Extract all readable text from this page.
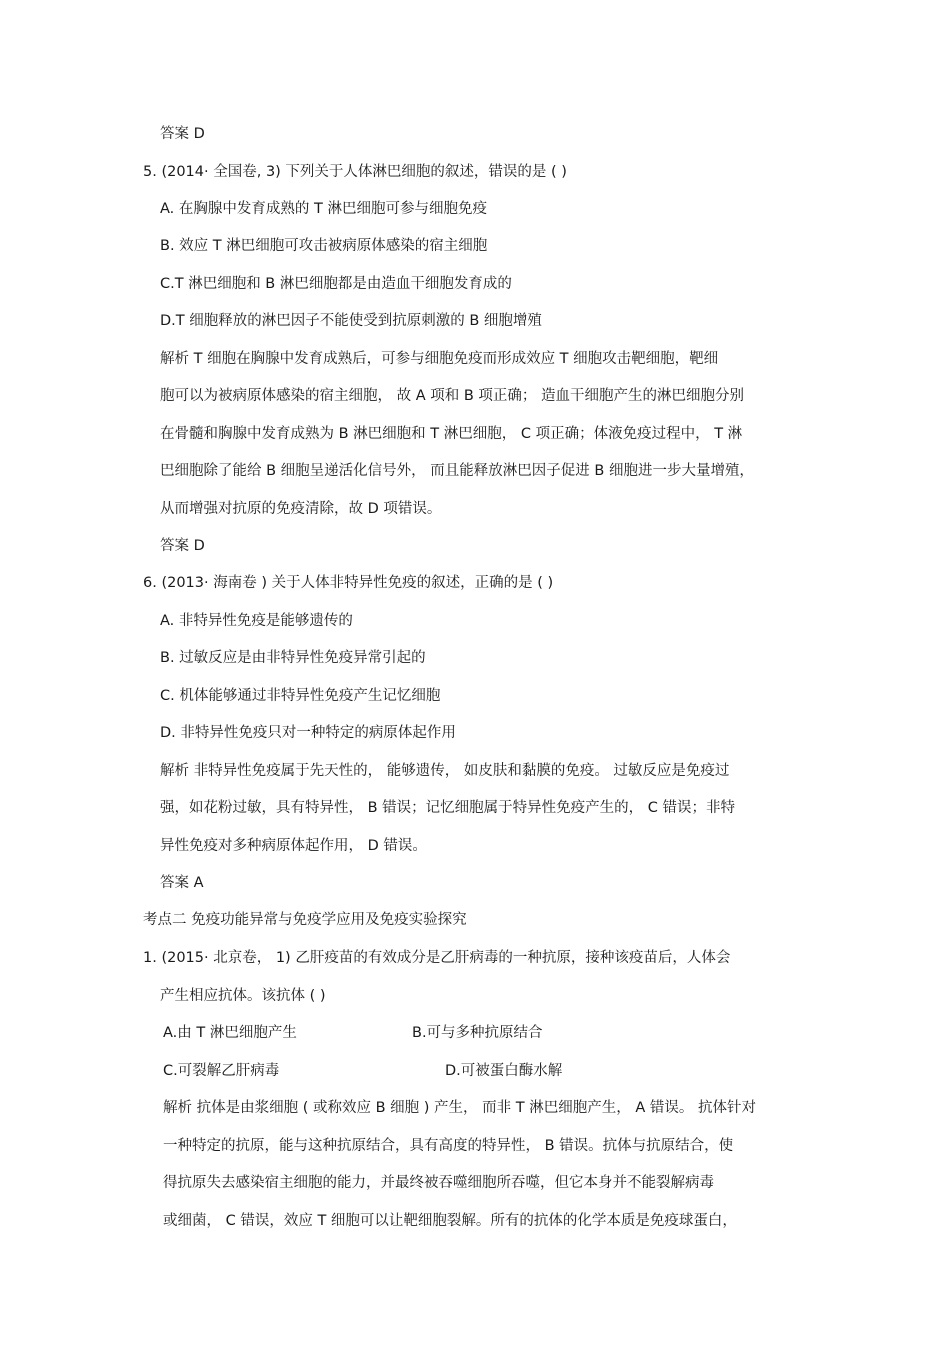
答案 D
5. (2014· 全国卷, 3) 下列关于人体淋巴细胞的叙述，错误的是 ( )
A. 在胸腺中发育成熟的 T 淋巴细胞可参与细胞免疫
B. 效应 T 淋巴细胞可攻击被病原体感染的宿主细胞
C.T 淋巴细胞和 B 淋巴细胞都是由造血干细胞发育成的
D.T 细胞释放的淋巴因子不能使受到抗原刺激的 B 细胞增殖
解析 T 细胞在胸腺中发育成熟后，可参与细胞免疫而形成效应 T 细胞攻击靶细胞，靶细
胞可以为被病原体感染的宿主细胞， 故 A 项和 B 项正确； 造血干细胞产生的淋巴细胞分别
在骨髓和胸腺中发育成熟为 B 淋巴细胞和 T 淋巴细胞， C 项正确；体液免疫过程中， T 淋
巴细胞除了能给 B 细胞呈递活化信号外， 而且能释放淋巴因子促进 B 细胞进一步大量增殖，
从而增强对抗原的免疫清除，故 D 项错误。
答案 D
6. (2013· 海南卷 ) 关于人体非特异性免疫的叙述，正确的是 ( )
A. 非特异性免疫是能够遗传的
B. 过敏反应是由非特异性免疫异常引起的
C. 机体能够通过非特异性免疫产生记忆细胞
D. 非特异性免疫只对一种特定的病原体起作用
解析 非特异性免疫属于先天性的， 能够遗传， 如皮肤和黏膜的免疫。 过敏反应是免疫过
强，如花粉过敏，具有特异性， B 错误；记忆细胞属于特异性免疫产生的， C 错误；非特
异性免疫对多种病原体起作用， D 错误。
答案 A
考点二 免疫功能异常与免疫学应用及免疫实验探究
1. (2015· 北京卷， 1) 乙肝疫苗的有效成分是乙肝病毒的一种抗原，接种该疫苗后，人体会
产生相应抗体。该抗体 ( )
A.由 T 淋巴细胞产生	B.可与多种抗原结合
C.可裂解乙肝病毒	D.可被蛋白酶水解
解析 抗体是由浆细胞 ( 或称效应 B 细胞 ) 产生， 而非 T 淋巴细胞产生， A 错误。 抗体针对
一种特定的抗原，能与这种抗原结合，具有高度的特异性， B 错误。抗体与抗原结合，使
得抗原失去感染宿主细胞的能力，并最终被吞噬细胞所吞噬，但它本身并不能裂解病毒
或细菌， C 错误，效应 T 细胞可以让靶细胞裂解。所有的抗体的化学本质是免疫球蛋白，
